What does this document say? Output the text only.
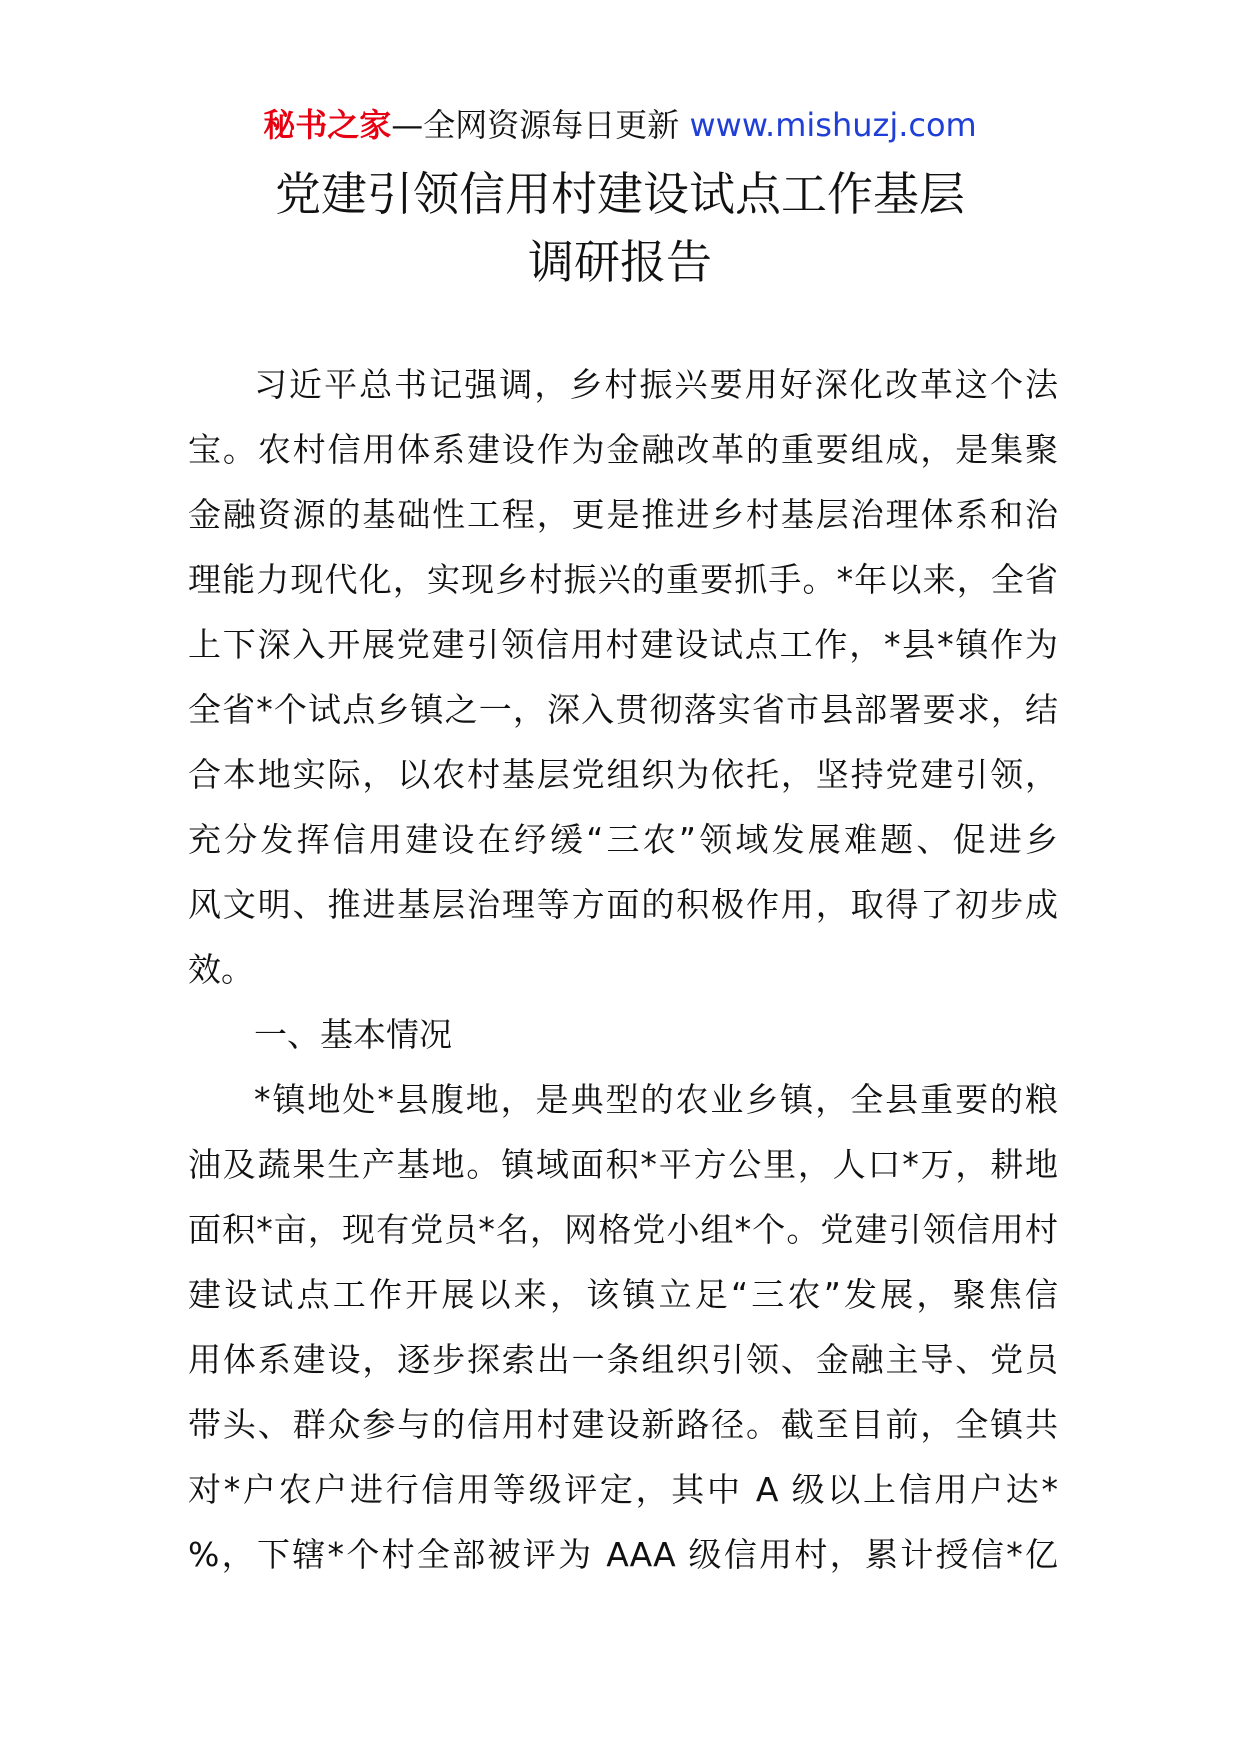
秘书之家—全网资源每日更新 www.mishuzj.com
党建引领信用村建设试点工作基层
调研报告
习近平总书记强调，乡村振兴要用好深化改革这个法
宝。农村信用体系建设作为金融改革的重要组成，是集聚
金融资源的基础性工程，更是推进乡村基层治理体系和治
理能力现代化，实现乡村振兴的重要抓手。*年以来，全省
上下深入开展党建引领信用村建设试点工作，*县*镇作为
全省*个试点乡镇之一，深入贯彻落实省市县部署要求，结
合本地实际，以农村基层党组织为依托，坚持党建引领，
充分发挥信用建设在纾缓“三农”领域发展难题、促进乡
风文明、推进基层治理等方面的积极作用，取得了初步成
效。
一、基本情况
*镇地处*县腹地，是典型的农业乡镇，全县重要的粮
油及蔬果生产基地。镇域面积*平方公里，人口*万，耕地
面积*亩，现有党员*名，网格党小组*个。党建引领信用村
建设试点工作开展以来，该镇立足“三农”发展，聚焦信
用体系建设，逐步探索出一条组织引领、金融主导、党员
带头、群众参与的信用村建设新路径。截至目前，全镇共
对*户农户进行信用等级评定，其中 A 级以上信用户达*
%，下辖*个村全部被评为 AAA 级信用村，累计授信*亿
